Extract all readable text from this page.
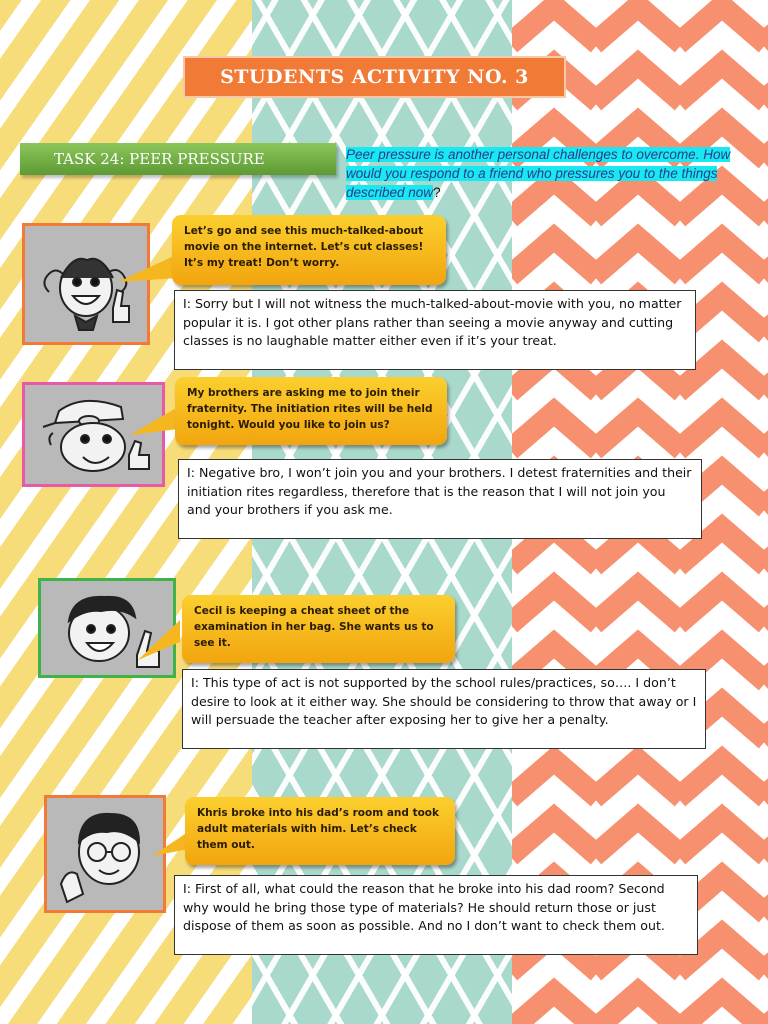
STUDENTS ACTIVITY NO. 3
TASK 24: PEER PRESSURE	Peer pressure is another personal challenges to overcome. How would you respond to a friend who pressures you to the things described now?
Let’s go and see this much-talked-about movie on the internet. Let’s cut classes! It’s my treat! Don’t worry.
I: Sorry but I will not witness the much-talked-about-movie with you, no matter popular it is. I got other plans rather than seeing a movie anyway and cutting classes is no laughable matter either even if it’s your treat.
My brothers are asking me to join their fraternity. The initiation rites will be held tonight. Would you like to join us?
I: Negative bro, I won’t join you and your brothers. I detest fraternities and their initiation rites regardless, therefore that is the reason that I will not join you and your brothers if you ask me.
Cecil is keeping a cheat sheet of the examination in her bag. She wants us to see it.
I: This type of act is not supported by the school rules/practices, so…. I don’t desire to look at it either way. She should be considering to throw that away or I will persuade the teacher after exposing her to give her a penalty.
Khris broke into his dad’s room and took adult materials with him. Let’s check them out.
I: First of all, what could the reason that he broke into his dad room? Second why would he bring those type of materials? He should return those or just dispose of them as soon as possible. And no I don’t want to check them out.
